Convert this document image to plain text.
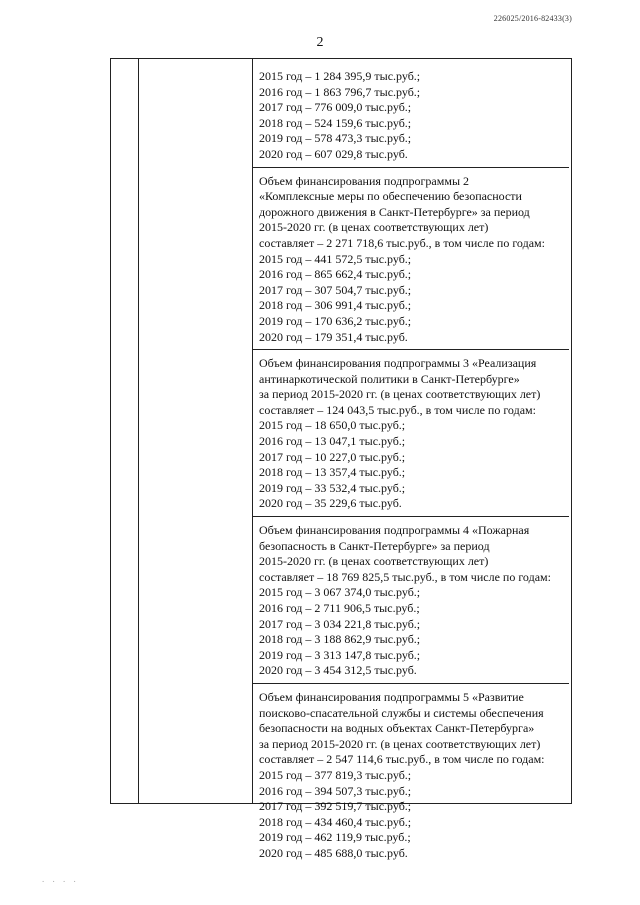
226025/2016-82433(3)
2
2015 год – 1 284 395,9 тыс.руб.;
2016 год – 1 863 796,7 тыс.руб.;
2017 год – 776 009,0 тыс.руб.;
2018 год – 524 159,6 тыс.руб.;
2019 год – 578 473,3 тыс.руб.;
2020 год – 607 029,8 тыс.руб.
Объем финансирования подпрограммы 2
«Комплексные меры по обеспечению безопасности
дорожного движения в Санкт-Петербурге» за период
2015-2020 гг. (в ценах соответствующих лет)
составляет – 2 271 718,6 тыс.руб., в том числе по годам:
2015 год – 441 572,5 тыс.руб.;
2016 год – 865 662,4 тыс.руб.;
2017 год – 307 504,7 тыс.руб.;
2018 год – 306 991,4 тыс.руб.;
2019 год – 170 636,2 тыс.руб.;
2020 год – 179 351,4 тыс.руб.
Объем финансирования подпрограммы 3 «Реализация
антинаркотической политики в Санкт-Петербурге»
за период 2015-2020 гг. (в ценах соответствующих лет)
составляет – 124 043,5 тыс.руб., в том числе по годам:
2015 год – 18 650,0 тыс.руб.;
2016 год – 13 047,1 тыс.руб.;
2017 год – 10 227,0 тыс.руб.;
2018 год – 13 357,4 тыс.руб.;
2019 год – 33 532,4 тыс.руб.;
2020 год – 35 229,6 тыс.руб.
Объем финансирования подпрограммы 4 «Пожарная
безопасность в Санкт-Петербурге» за период
2015-2020 гг. (в ценах соответствующих лет)
составляет – 18 769 825,5 тыс.руб., в том числе по годам:
2015 год – 3 067 374,0 тыс.руб.;
2016 год – 2 711 906,5 тыс.руб.;
2017 год – 3 034 221,8 тыс.руб.;
2018 год – 3 188 862,9 тыс.руб.;
2019 год – 3 313 147,8 тыс.руб.;
2020 год – 3 454 312,5 тыс.руб.
Объем финансирования подпрограммы 5 «Развитие
поисково-спасательной службы и системы обеспечения
безопасности на водных объектах Санкт-Петербурга»
за период 2015-2020 гг. (в ценах соответствующих лет)
составляет – 2 547 114,6 тыс.руб., в том числе по годам:
2015 год – 377 819,3 тыс.руб.;
2016 год – 394 507,3 тыс.руб.;
2017 год – 392 519,7 тыс.руб.;
2018 год – 434 460,4 тыс.руб.;
2019 год – 462 119,9 тыс.руб.;
2020 год – 485 688,0 тыс.руб.
. . . .
